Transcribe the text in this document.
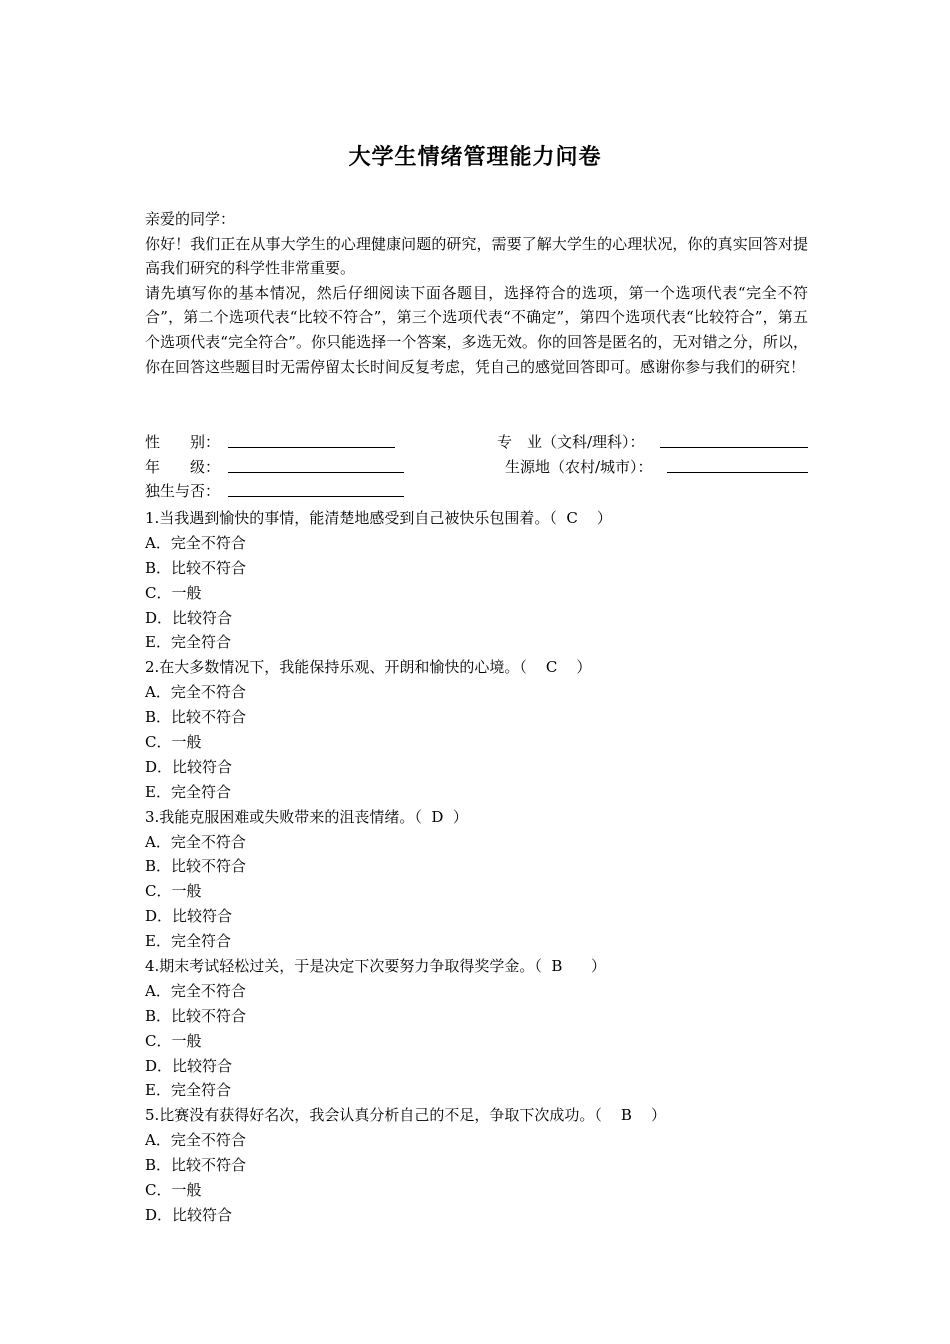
大学生情绪管理能力问卷

亲爱的同学：

你好！我们正在从事大学生的心理健康问题的研究，需要了解大学生的心理状况，你的真实回答对提高我们研究的科学性非常重要。

请先填写你的基本情况，然后仔细阅读下面各题目，选择符合的选项，第一个选项代表“完全不符合”，第二个选项代表“比较不符合”，第三个选项代表“不确定”，第四个选项代表“比较符合”，第五个选项代表“完全符合”。你只能选择一个答案，多选无效。你的回答是匿名的，无对错之分，所以，你在回答这些题目时无需停留太长时间反复考虑，凭自己的感觉回答即可。感谢你参与我们的研究！

性　　别：	专　业（文科/理科）：
年　　级：	生源地（农村/城市）：
独生与否：

1.当我遇到愉快的事情，能清楚地感受到自己被快乐包围着。（  C    ）

A．完全不符合

B．比较不符合

C．一般

D．比较符合

E．完全符合

2.在大多数情况下，我能保持乐观、开朗和愉快的心境。（    C    ）

A．完全不符合

B．比较不符合

C．一般

D．比较符合

E．完全符合

3.我能克服困难或失败带来的沮丧情绪。（  D  ）

A．完全不符合

B．比较不符合

C．一般

D．比较符合

E．完全符合

4.期末考试轻松过关，于是决定下次要努力争取得奖学金。（  B      ）

A．完全不符合

B．比较不符合

C．一般

D．比较符合

E．完全符合

5.比赛没有获得好名次，我会认真分析自己的不足，争取下次成功。（    B    ）

A．完全不符合

B．比较不符合

C．一般

D．比较符合
